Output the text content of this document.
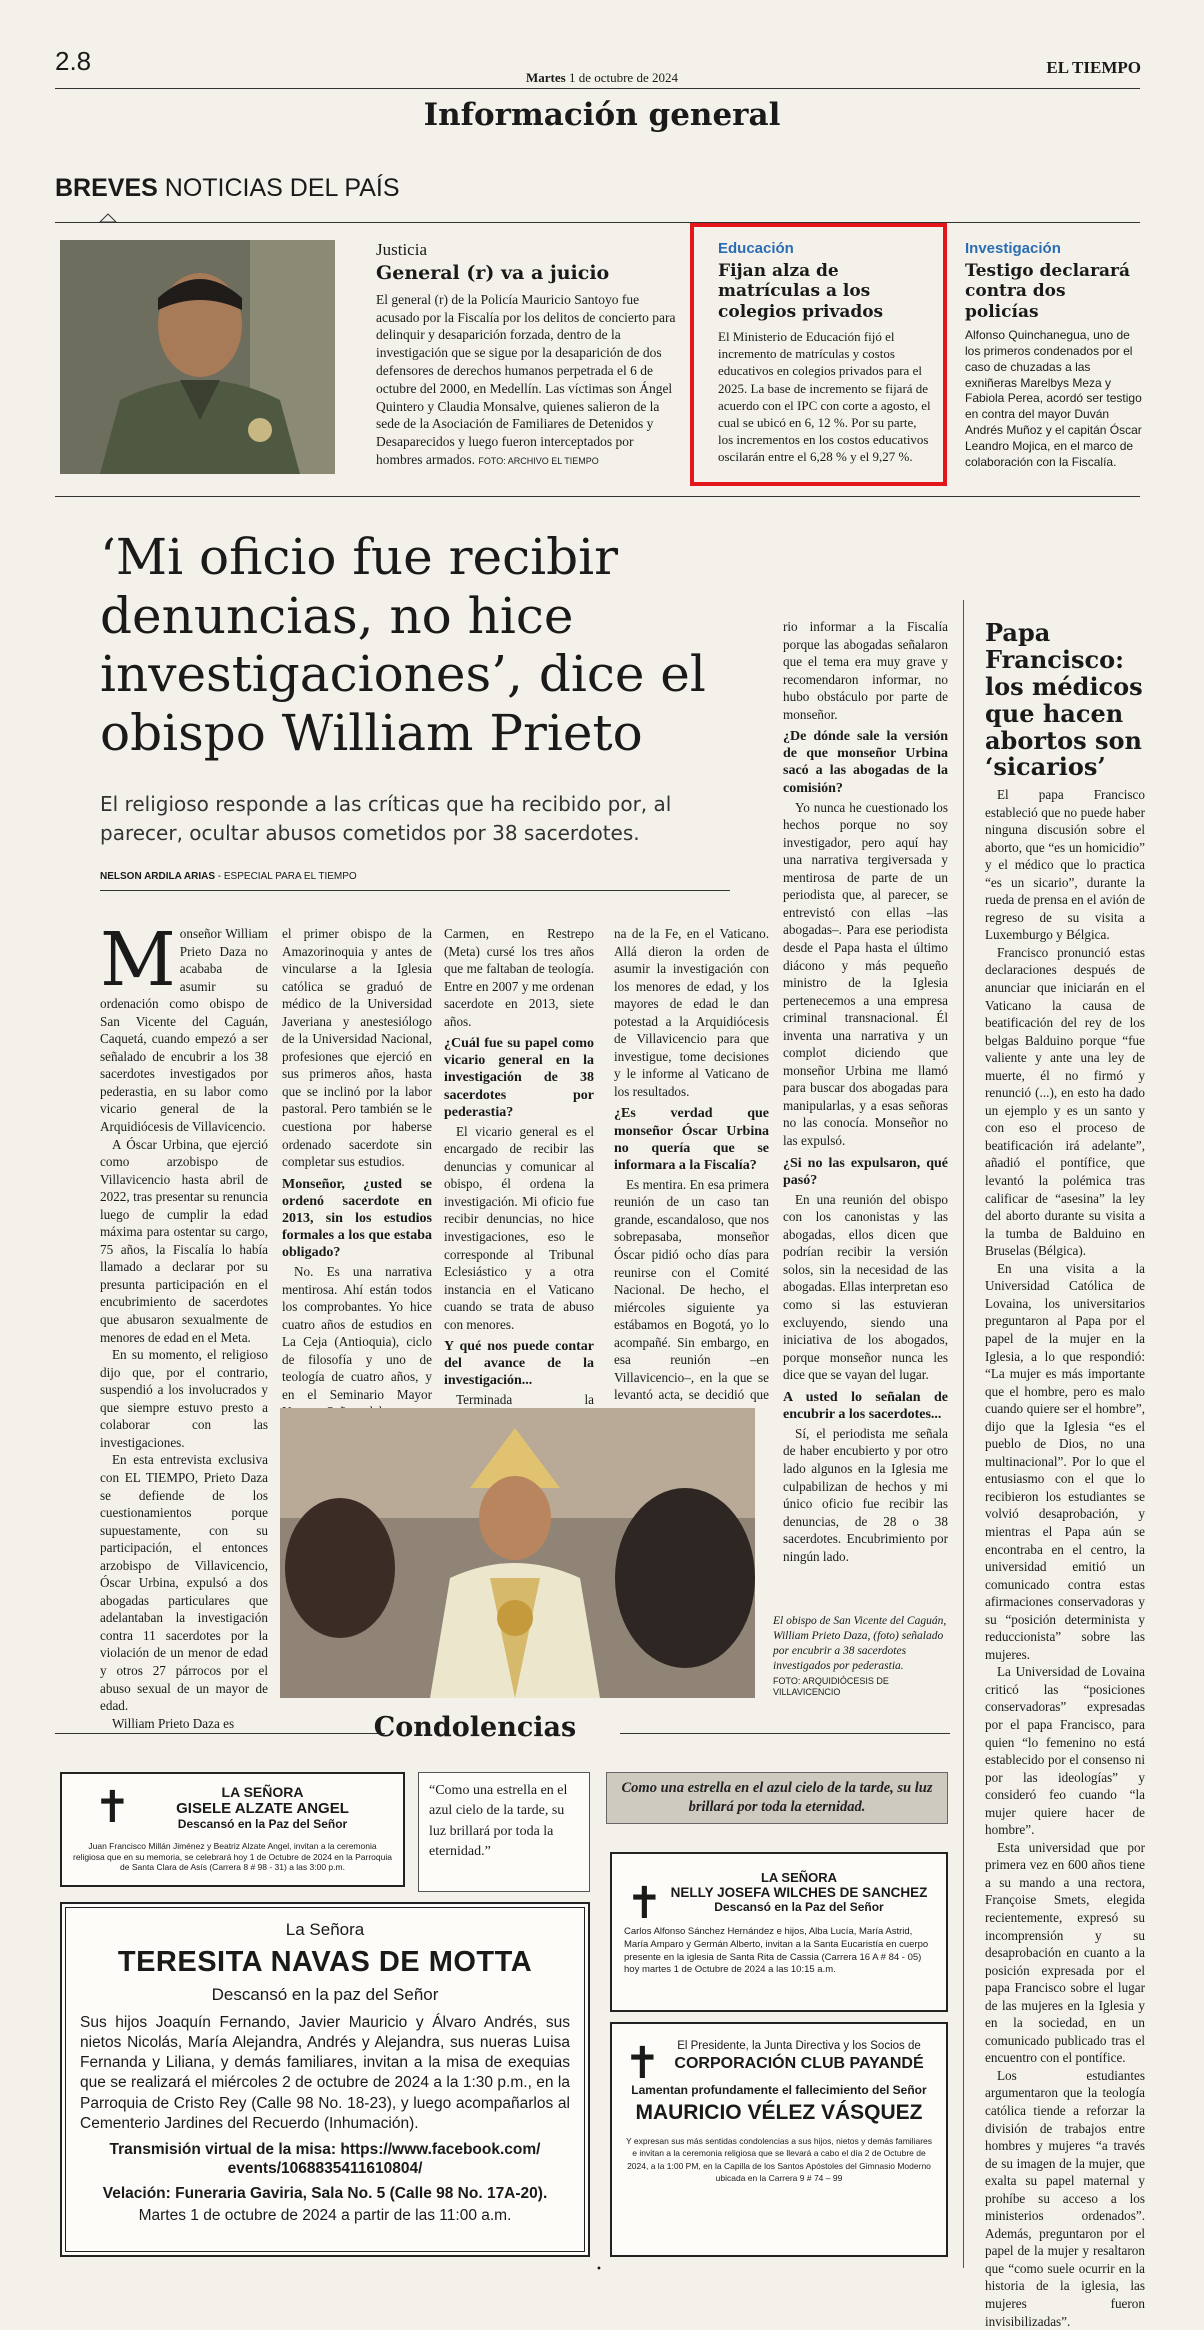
2.8
Martes 1 de octubre de 2024
EL TIEMPO
Información general
BREVES NOTICIAS DEL PAÍS
Justicia
General (r) va a juicio
El general (r) de la Policía Mauricio Santoyo fue acusado por la Fiscalía por los delitos de concierto para delinquir y desaparición forzada, dentro de la investigación que se sigue por la desaparición de dos defensores de derechos humanos perpetrada el 6 de octubre del 2000, en Medellín. Las víctimas son Ángel Quintero y Claudia Monsalve, quienes salieron de la sede de la Asociación de Familiares de Detenidos y Desaparecidos y luego fueron interceptados por hombres armados. FOTO: ARCHIVO EL TIEMPO
Educación
Fijan alza de matrículas a los colegios privados
El Ministerio de Educación fijó el incremento de matrículas y costos educativos en colegios privados para el 2025. La base de incremento se fijará de acuerdo con el IPC con corte a agosto, el cual se ubicó en 6, 12 %. Por su parte, los incrementos en los costos educativos oscilarán entre el 6,28 % y el 9,27 %.
Investigación
Testigo declarará contra dos policías
Alfonso Quinchanegua, uno de los primeros condenados por el caso de chuzadas a las exniñeras Marelbys Meza y Fabiola Perea, acordó ser testigo en contra del mayor Duván Andrés Muñoz y el capitán Óscar Leandro Mojica, en el marco de colaboración con la Fiscalía.
‘Mi oficio fue recibir denuncias, no hice investigaciones’, dice el obispo William Prieto
El religioso responde a las críticas que ha recibido por, al parecer, ocultar abusos cometidos por 38 sacerdotes.
NELSON ARDILA ARIAS - ESPECIAL PARA EL TIEMPO
M onseñor William Prieto Daza no acababa de asumir su ordenación como obispo de San Vicente del Caguán, Caquetá, cuando empezó a ser señalado de encubrir a los 38 sacerdotes investigados por pederastia, en su labor como vicario general de la Arquidiócesis de Villavicencio.

A Óscar Urbina, que ejerció como arzobispo de Villavicencio hasta abril de 2022, tras presentar su renuncia luego de cumplir la edad máxima para ostentar su cargo, 75 años, la Fiscalía lo había llamado a declarar por su presunta participación en el encubrimiento de sacerdotes que abusaron sexualmente de menores de edad en el Meta.

En su momento, el religioso dijo que, por el contrario, suspendió a los involucrados y que siempre estuvo presto a colaborar con las investigaciones.

En esta entrevista exclusiva con EL TIEMPO, Prieto Daza se defiende de los cuestionamientos porque supuestamente, con su participación, el entonces arzobispo de Villavicencio, Óscar Urbina, expulsó a dos abogadas particulares que adelantaban la investigación contra 11 sacerdotes por la violación de un menor de edad y otros 27 párrocos por el abuso sexual de un mayor de edad.

William Prieto Daza es

el primer obispo de la Amazorinoquia y antes de vincularse a la Iglesia católica se graduó de médico de la Universidad Javeriana y anestesiólogo de la Universidad Nacional, profesiones que ejerció en sus primeros años, hasta que se inclinó por la labor pastoral. Pero también se le cuestiona por haberse ordenado sacerdote sin completar sus estudios.
Monseñor, ¿usted se ordenó sacerdote en 2013, sin los estudios formales a los que estaba obligado?

No. Es una narrativa mentirosa. Ahí están todos los comprobantes. Yo hice cuatro años de estudios en La Ceja (Antioquia), ciclo de filosofía y uno de teología de cuatro años, y en el Seminario Mayor

Carmen, en Restrepo (Meta) cursé los tres años que me faltaban de teología. Entre en 2007 y me ordenan sacerdote en 2013, siete años.
¿Cuál fue su papel como vicario general en la investigación de 38 sacerdotes por pederastia?

El vicario general es el encargado de recibir las denuncias y comunicar al obispo, él ordena la investigación. Mi oficio fue recibir denuncias, no hice investigaciones, eso le corresponde al Tribunal Eclesiástico y a otra instancia en el Vaticano cuando se trata de abuso con menores.

Y qué nos puede contar del avance de la investigación...

Terminada la

na de la Fe, en el Vaticano. Allá dieron la orden de asumir la investigación con los menores de edad, y los mayores de edad le dan potestad a la Arquidiócesis de Villavicencio para que investigue, tome decisiones y le informe al Vaticano de los resultados.
¿Es verdad que monseñor Óscar Urbina no quería que se informara a la Fiscalía?

Es mentira. En esa primera reunión de un caso tan grande, escandaloso, que nos sobrepasaba, monseñor Óscar pidió ocho días para reunirse con el Comité Nacional. De hecho, el miércoles siguiente ya estábamos en Bogotá, yo lo acompañé. Sin embargo, en esa reunión –en Villavicencio–, en la que se levantó acta, se decidió que

rio informar a la Fiscalía porque las abogadas señalaron que el tema era muy grave y recomendaron informar, no hubo obstáculo por parte de monseñor.
¿De dónde sale la versión de que monseñor Urbina sacó a las abogadas de la comisión?

Yo nunca he cuestionado los hechos porque no soy investigador, pero aquí hay una narrativa tergiversada y mentirosa de parte de un periodista que, al parecer, se entrevistó con ellas –las abogadas–. Para ese periodista desde el Papa hasta el último diácono y más pequeño ministro de la Iglesia pertenecemos a una empresa criminal transnacional. Él inventa una narrativa y un complot diciendo que monseñor Urbina me llamó para buscar dos abogadas para manipularlas, y a esas señoras no las conocía. Monseñor no las expulsó.

¿Si no las expulsaron, qué pasó?

En una reunión del obispo con los canonistas y las abogadas, ellos dicen que podrían recibir la versión solos, sin la necesidad de las abogadas. Ellas interpretan eso como si las estuvieran excluyendo, siendo una iniciativa de los abogados, porque monseñor nunca les dice que se vayan del lugar.

A usted lo señalan de encubrir a los sacerdotes...

Sí, el periodista me señala de haber encubierto y por otro lado algunos en la Iglesia me culpabilizan de hechos y mi único oficio fue recibir las denuncias, de 28 o 38 sacerdotes. Encubrimiento por ningún lado.

El obispo de San Vicente del Caguán, William Prieto Daza, (foto) señalado por encubrir a 38 sacerdotes investigados por pederastia.
FOTO: ARQUIDIÓCESIS DE VILLAVICENCIO
Papa Francisco: los médicos que hacen abortos son ‘sicarios’

El papa Francisco estableció que no puede haber ninguna discusión sobre el aborto, que “es un homicidio” y el médico que lo practica “es un sicario”, durante la rueda de prensa en el avión de regreso de su visita a Luxemburgo y Bélgica.

Francisco pronunció estas declaraciones después de anunciar que iniciarán en el Vaticano la causa de beatificación del rey de los belgas Balduino porque “fue valiente y ante una ley de muerte, él no firmó y renunció (...), en esto ha dado un ejemplo y es un santo y con eso el proceso de beatificación irá adelante”, añadió el pontífice, que levantó la polémica tras calificar de “asesina” la ley del aborto durante su visita a la tumba de Balduino en Bruselas (Bélgica).

En una visita a la Universidad Católica de Lovaina, los universitarios preguntaron al Papa por el papel de la mujer en la Iglesia, a lo que respondió: “La mujer es más importante que el hombre, pero es malo cuando quiere ser el hombre”, dijo que la Iglesia “es el pueblo de Dios, no una multinacional”. Por lo que el entusiasmo con el que lo recibieron los estudiantes se volvió desaprobación, y mientras el Papa aún se encontraba en el centro, la universidad emitió un comunicado contra estas afirmaciones conservadoras y su “posición determinista y reduccionista” sobre las mujeres.

La Universidad de Lovaina criticó las “posiciones conservadoras” expresadas por el papa Francisco, para quien “lo femenino no está establecido por el consenso ni por las ideologías” y consideró feo cuando “la mujer quiere hacer de hombre”.

Esta universidad que por primera vez en 600 años tiene a su mando a una rectora, Françoise Smets, elegida recientemente, expresó su incomprensión y su desaprobación en cuanto a la posición expresada por el papa Francisco sobre el lugar de las mujeres en la Iglesia y en la sociedad, en un comunicado publicado tras el encuentro con el pontífice.

Los estudiantes argumentaron que la teología católica tiende a reforzar la división de trabajos entre hombres y mujeres “a través de su imagen de la mujer, que exalta su papel maternal y prohíbe su acceso a los ministerios ordenados”. Además, preguntaron por el papel de la mujer y resaltaron que “como suele ocurrir en la historia de la iglesia, las mujeres fueron invisibilizadas”.

Condolencias
✝	LA SEÑORA
GISELE ALZATE ANGEL
Descansó en la Paz del Señor
Juan Francisco Millán Jiménez y Beatriz Alzate Angel, invitan a la ceremonia religiosa que en su memoria, se celebrará hoy 1 de Octubre de 2024 en la Parroquia de Santa Clara de Asís (Carrera 8 # 98 - 31) a las 3:00 p.m.
“Como una estrella en el azul cielo de la tarde, su luz brillará por toda la eternidad.”
Como una estrella en el azul cielo de la tarde, su luz brillará por toda la eternidad.
La Señora
TERESITA NAVAS DE MOTTA
Descansó en la paz del Señor
Sus hijos Joaquín Fernando, Javier Mauricio y Álvaro Andrés, sus nietos Nicolás, María Alejandra, Andrés y Alejandra, sus nueras Luisa Fernanda y Liliana, y demás familiares, invitan a la misa de exequias que se realizará el miércoles 2 de octubre de 2024 a la 1:30 p.m., en la Parroquia de Cristo Rey (Calle 98 No. 18-23), y luego acompañarlos al Cementerio Jardines del Recuerdo (Inhumación).
Transmisión virtual de la misa: https://www.facebook.com/ events/1068835411610804/
Velación: Funeraria Gaviria, Sala No. 5 (Calle 98 No. 17A-20).
Martes 1 de octubre de 2024 a partir de las 11:00 a.m.
✝
LA SEÑORA
NELLY JOSEFA WILCHES DE SANCHEZ
Descansó en la Paz del Señor
Carlos Alfonso Sánchez Hernández e hijos, Alba Lucía, María Astrid, María Amparo y Germán Alberto, invitan a la Santa Eucaristía en cuerpo presente en la iglesia de Santa Rita de Cassia (Carrera 16 A # 84 - 05) hoy martes 1 de Octubre de 2024 a las 10:15 a.m.
✝	El Presidente, la Junta Directiva y los Socios de
CORPORACIÓN CLUB PAYANDÉ
Lamentan profundamente el fallecimiento del Señor
MAURICIO VÉLEZ VÁSQUEZ
Y expresan sus más sentidas condolencias a sus hijos, nietos y demás familiares e invitan a la ceremonia religiosa que se llevará a cabo el día 2 de Octubre de 2024, a la 1:00 PM, en la Capilla de los Santos Apóstoles del Gimnasio Moderno ubicada en la Carrera 9 # 74 – 99
•
